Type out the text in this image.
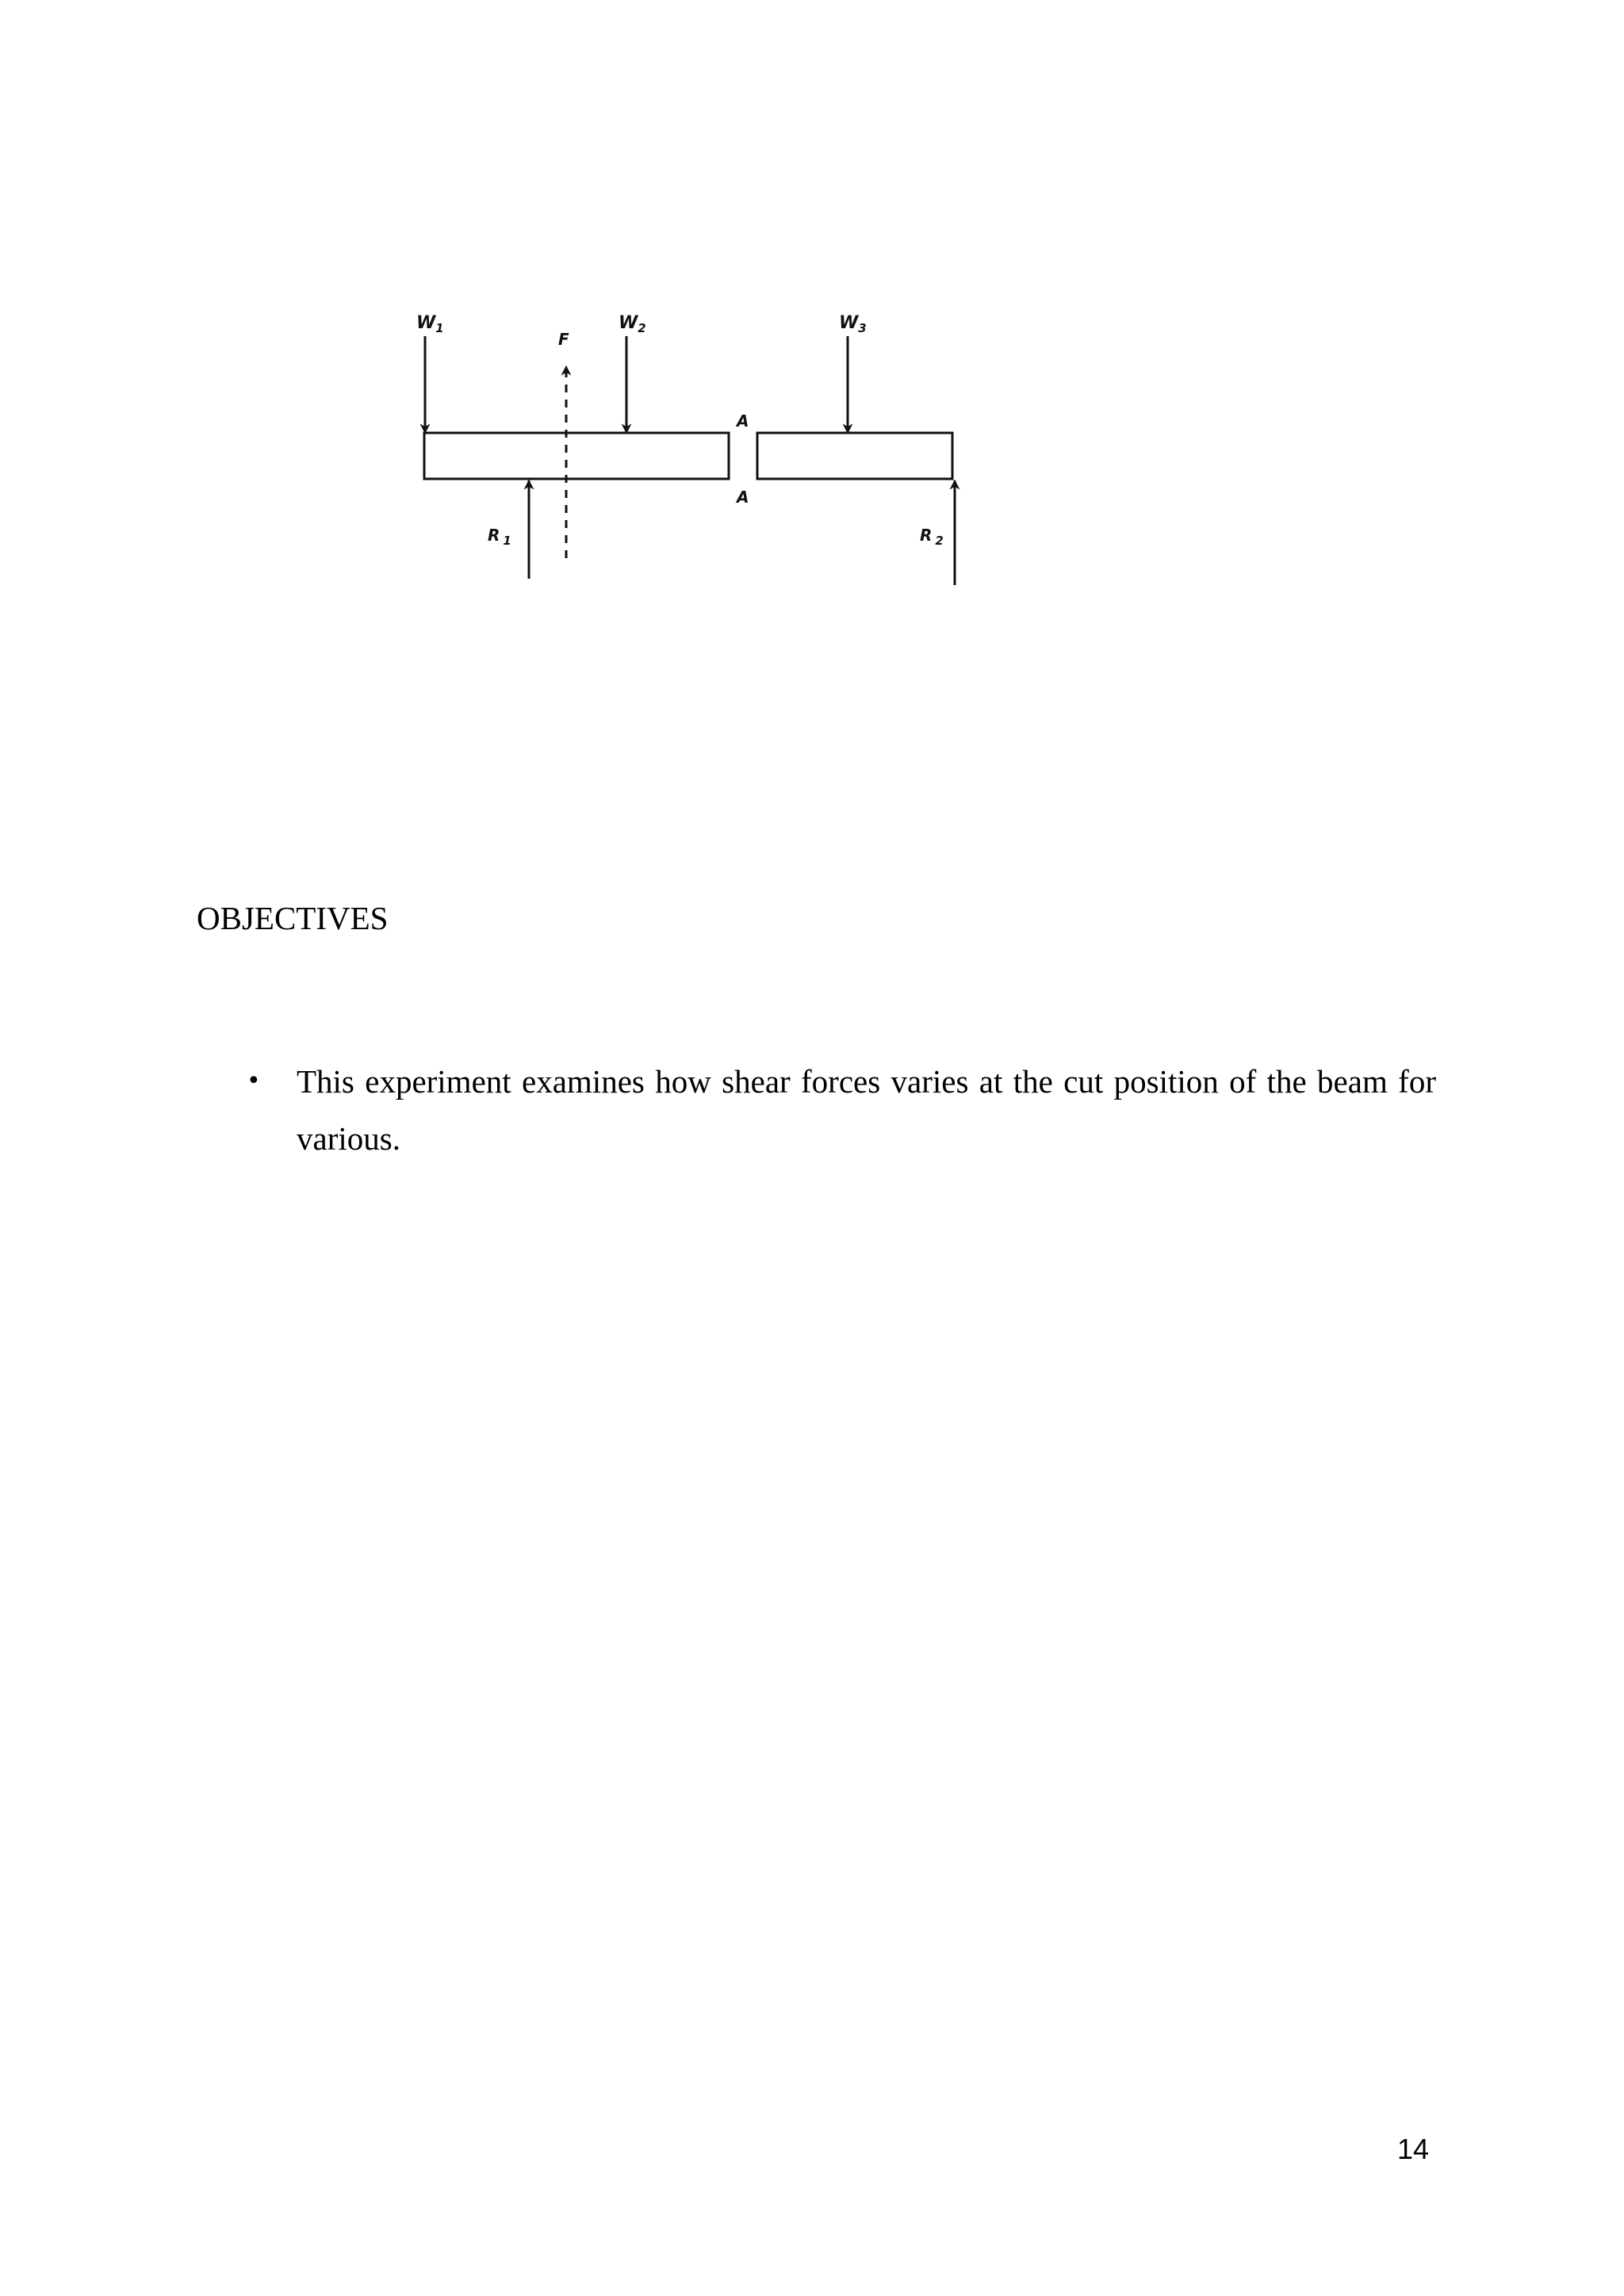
$W_1$
F
$W_2$	$W_3$
A
A
R $_1$	R $_2$
OBJECTIVES
• This experiment examines how shear forces varies at the cut position of the beam for various.
14
